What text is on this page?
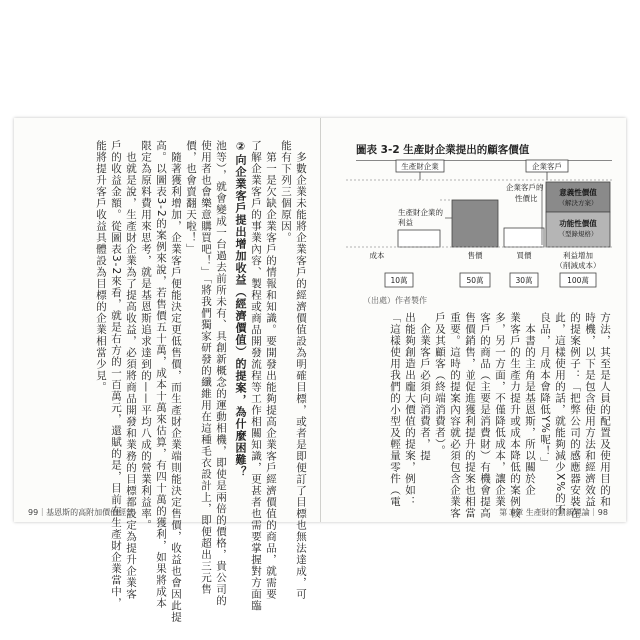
　多數企業未能將企業客戶的經濟價值設為明確目標，或者是即便訂了目標也無法達成，可
能有下列三個原因。
　第一是欠缺企業客戶的情報和知識。要開發出能夠提高企業客戶經濟價值的商品，就需要
了解企業客戶的事業內容、製程或商品開發流程等工作相關知識，更甚者也需要掌握對方面臨
②向企業客戶提出增加收益（經濟價值）的提案，為什麼困難？
池等），就會變成一台過去前所未有、具創新概念的運動相機，即使是兩倍的價格，貴公司的
使用者也會樂意購買吧！」「將我們獨家研發的纖維用在這種毛衣設計上，即便超出三元售
價，也會賣翻天啦！」
　隨著獲利增加，企業客戶便能決定更低售價，而生產財企業端則能決定售價，收益也會因此提
高。以圖表3-2的案例來說，若售價五十萬，成本十萬來估算，有四十萬的獲利，如果將成本
限定為原料費用來思考，就是基恩斯追求達到的——平均八成的營業利益率。
　也就是說，生產財企業為了提高收益，必須將商品開發和業務的目標都設定為提升企業客
戶的收益金額。從圖表3-2來看，就是右方的一百萬元，還賦的是，目前在生產財企業當中，
能將提升客戶收益具體設為目標的企業相當少見。
99｜基恩斯的高附加價值經營
圖表 3-2 生產財企業提出的顧客價值
生產財企業	企業客戶
生產財企業的
利益
企業客戶的
性價比
意義性價值
（解決方案）
功能性價值
（型錄規格）
成本	售價	買價	利益增加
（削減成本）
10萬	50萬	30萬	100萬
（出處）作者製作
方法，其至是人員的配置及使用目的和
時機，以下是包含使用方法和經濟效益
的提案例子：「把弊公司的感應器安裝在
此，這樣使用的話，就能夠減少X%的不
良品，月成本會降低Y%呢！」
　本書的主角是基恩斯，所以關於企
業客戶的生產力提升或成本降低的案例較
多，另一方面，不僅降低成本，讓企業
客戶的商品（主要是消費財）有機會提高
售價銷售，並促進獲利提升的提案也相當
重要。這時的提案內容就必須包含企業客
戶及其顧客（終端消費者）。
　企業客戶必須向消費者，提
出能夠創造出龐大價值的提案，例如：
「這樣使用我們的小型及輕量零件（電
第３章 生產財的創新理論｜98
